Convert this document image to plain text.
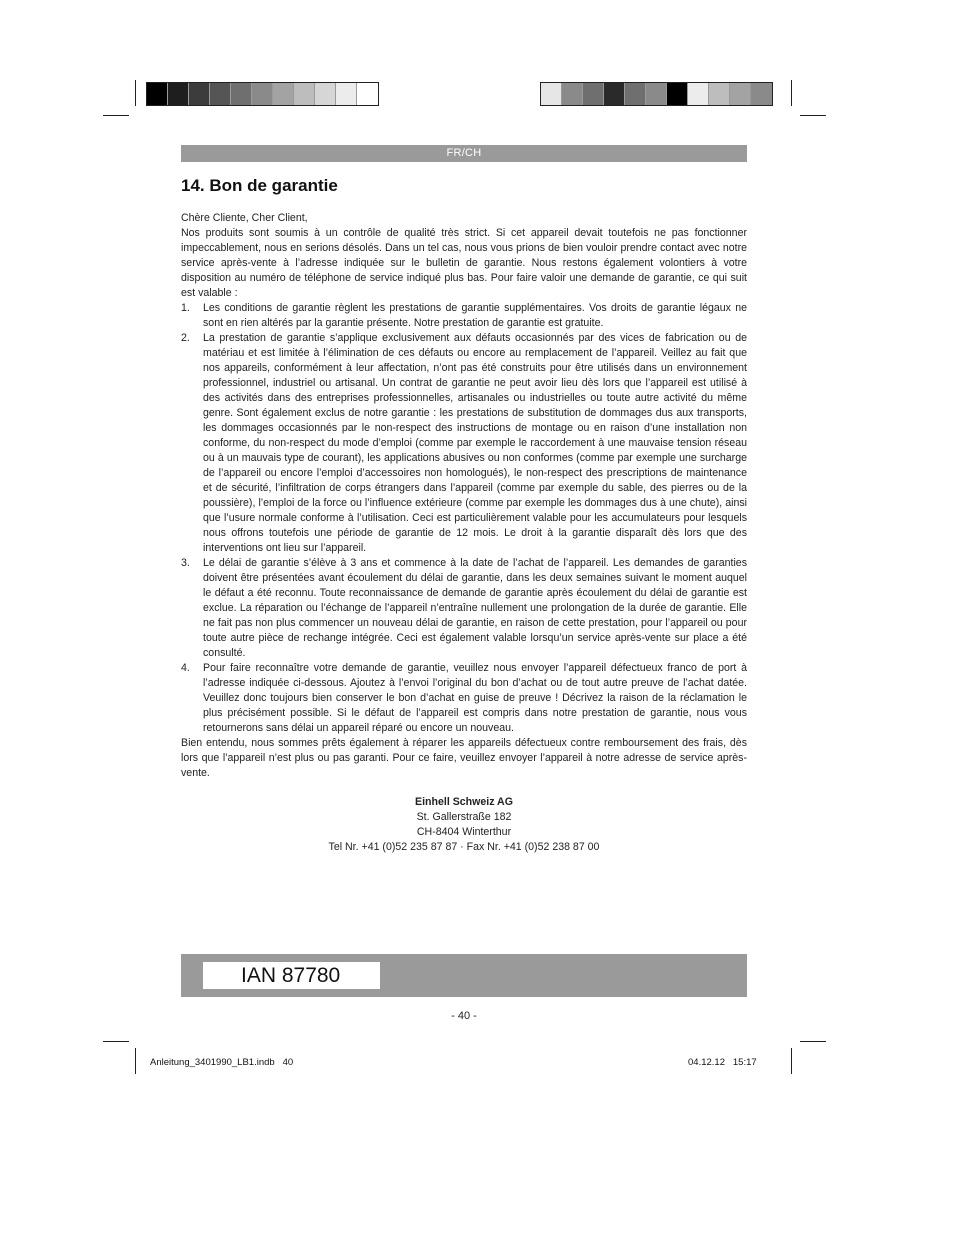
FR/CH
14. Bon de garantie

Chère Cliente, Cher Client,

Nos produits sont soumis à un contrôle de qualité très strict. Si cet appareil devait toutefois ne pas fonctionner impeccablement, nous en serions désolés. Dans un tel cas, nous vous prions de bien vouloir prendre contact avec notre service après-vente à l’adresse indiquée sur le bulletin de garantie. Nous restons également volontiers à votre disposition au numéro de téléphone de service indiqué plus bas. Pour faire valoir une demande de garantie, ce qui suit est valable :

1. Les conditions de garantie règlent les prestations de garantie supplémentaires. Vos droits de garantie légaux ne sont en rien altérés par la garantie présente. Notre prestation de garantie est gratuite.
2. La prestation de garantie s’applique exclusivement aux défauts occasionnés par des vices de fabrication ou de matériau et est limitée à l’élimination de ces défauts ou encore au remplacement de l’appareil. Veillez au fait que nos appareils, conformément à leur affectation, n’ont pas été construits pour être utilisés dans un environnement professionnel, industriel ou artisanal. Un contrat de garantie ne peut avoir lieu dès lors que l’appareil est utilisé à des activités dans des entreprises professionnelles, artisanales ou industrielles ou toute autre activité du même genre. Sont également exclus de notre garantie : les prestations de substitution de dommages dus aux transports, les dommages occasionnés par le non-respect des instructions de montage ou en raison d’une installation non conforme, du non-respect du mode d’emploi (comme par exemple le raccordement à une mauvaise tension réseau ou à un mauvais type de courant), les applications abusives ou non conformes (comme par exemple une surcharge de l’appareil ou encore l’emploi d’accessoires non homologués), le non-respect des prescriptions de maintenance et de sécurité, l’infiltration de corps étrangers dans l’appareil (comme par exemple du sable, des pierres ou de la poussière), l’emploi de la force ou l’influence extérieure (comme par exemple les dommages dus à une chute), ainsi que l’usure normale conforme à l’utilisation. Ceci est particulièrement valable pour les accumulateurs pour lesquels nous offrons toutefois une période de garantie de 12 mois. Le droit à la garantie disparaît dès lors que des interventions ont lieu sur l’appareil.
3. Le délai de garantie s’élève à 3 ans et commence à la date de l’achat de l’appareil. Les demandes de garanties doivent être présentées avant écoulement du délai de garantie, dans les deux semaines suivant le moment auquel le défaut a été reconnu. Toute reconnaissance de demande de garantie après écoulement du délai de garantie est exclue. La réparation ou l’échange de l’appareil n’entraîne nullement une prolongation de la durée de garantie. Elle ne fait pas non plus commencer un nouveau délai de garantie, en raison de cette prestation, pour l’appareil ou pour toute autre pièce de rechange intégrée. Ceci est également valable lorsqu’un service après-vente sur place a été consulté.
4. Pour faire reconnaître votre demande de garantie, veuillez nous envoyer l’appareil défectueux franco de port à l’adresse indiquée ci-dessous. Ajoutez à l’envoi l’original du bon d’achat ou de tout autre preuve de l’achat datée. Veuillez donc toujours bien conserver le bon d’achat en guise de preuve ! Décrivez la raison de la réclamation le plus précisément possible. Si le défaut de l’appareil est compris dans notre prestation de garantie, nous vous retournerons sans délai un appareil réparé ou encore un nouveau.

Bien entendu, nous sommes prêts également à réparer les appareils défectueux contre remboursement des frais, dès lors que l’appareil n’est plus ou pas garanti. Pour ce faire, veuillez envoyer l’appareil à notre adresse de service après-vente.

Einhell Schweiz AG
St. Gallerstraße 182
CH-8404 Winterthur
Tel Nr. +41 (0)52 235 87 87 · Fax Nr. +41 (0)52 238 87 00
IAN 87780
- 40 -
Anleitung_3401990_LB1.indb   40	04.12.12   15:17
